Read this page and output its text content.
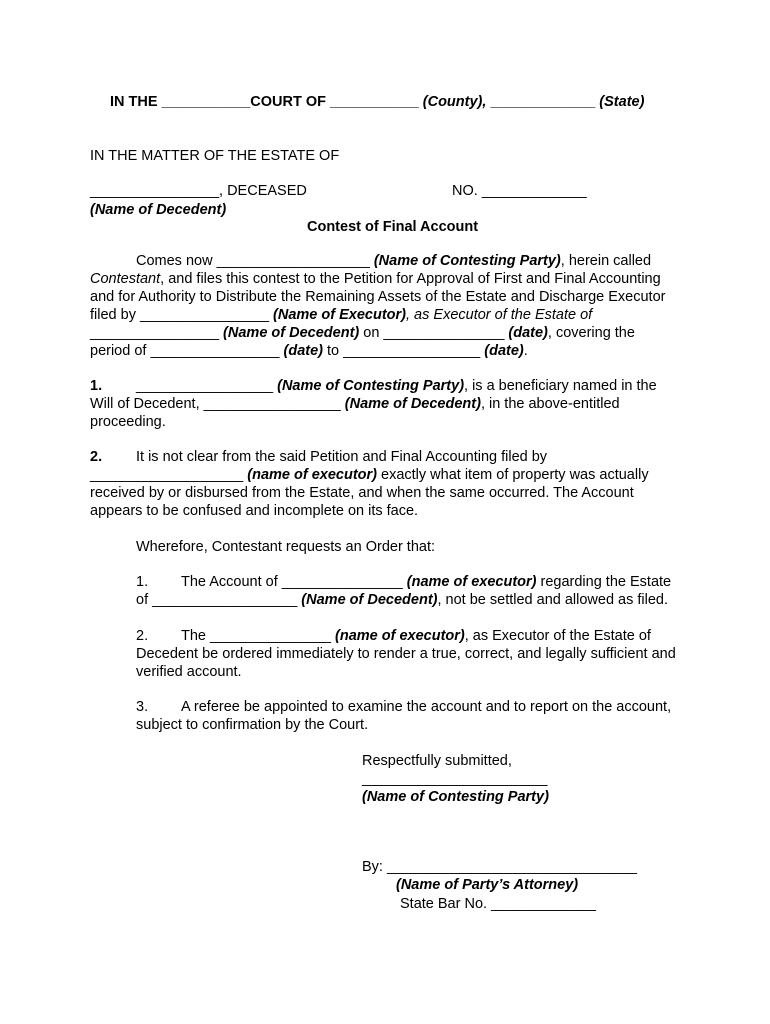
IN THE ___________COURT OF ___________ (County), _____________ (State)
IN THE MATTER OF THE ESTATE OF
________________, DECEASED	NO. _____________
(Name of Decedent)
Contest of Final Account
Comes now ___________________ (Name of Contesting Party), herein called
Contestant, and files this contest to the Petition for Approval of First and Final Accounting
and for Authority to Distribute the Remaining Assets of the Estate and Discharge Executor
filed by ________________ (Name of Executor), as Executor of the Estate of
________________ (Name of Decedent) on _______________ (date), covering the
period of ________________ (date) to _________________ (date).
1. _________________ (Name of Contesting Party), is a beneficiary named in the
Will of Decedent, _________________ (Name of Decedent), in the above-entitled
proceeding.
2. It is not clear from the said Petition and Final Accounting filed by
___________________ (name of executor) exactly what item of property was actually
received by or disbursed from the Estate, and when the same occurred. The Account
appears to be confused and incomplete on its face.
Wherefore, Contestant requests an Order that:
1. The Account of _______________ (name of executor) regarding the Estate
of __________________ (Name of Decedent), not be settled and allowed as filed.
2. The _______________ (name of executor), as Executor of the Estate of
Decedent be ordered immediately to render a true, correct, and legally sufficient and
verified account.
3. A referee be appointed to examine the account and to report on the account,
subject to confirmation by the Court.
Respectfully submitted,
_______________________
(Name of Contesting Party)
By: _______________________________
(Name of Party’s Attorney)
State Bar No. _____________
